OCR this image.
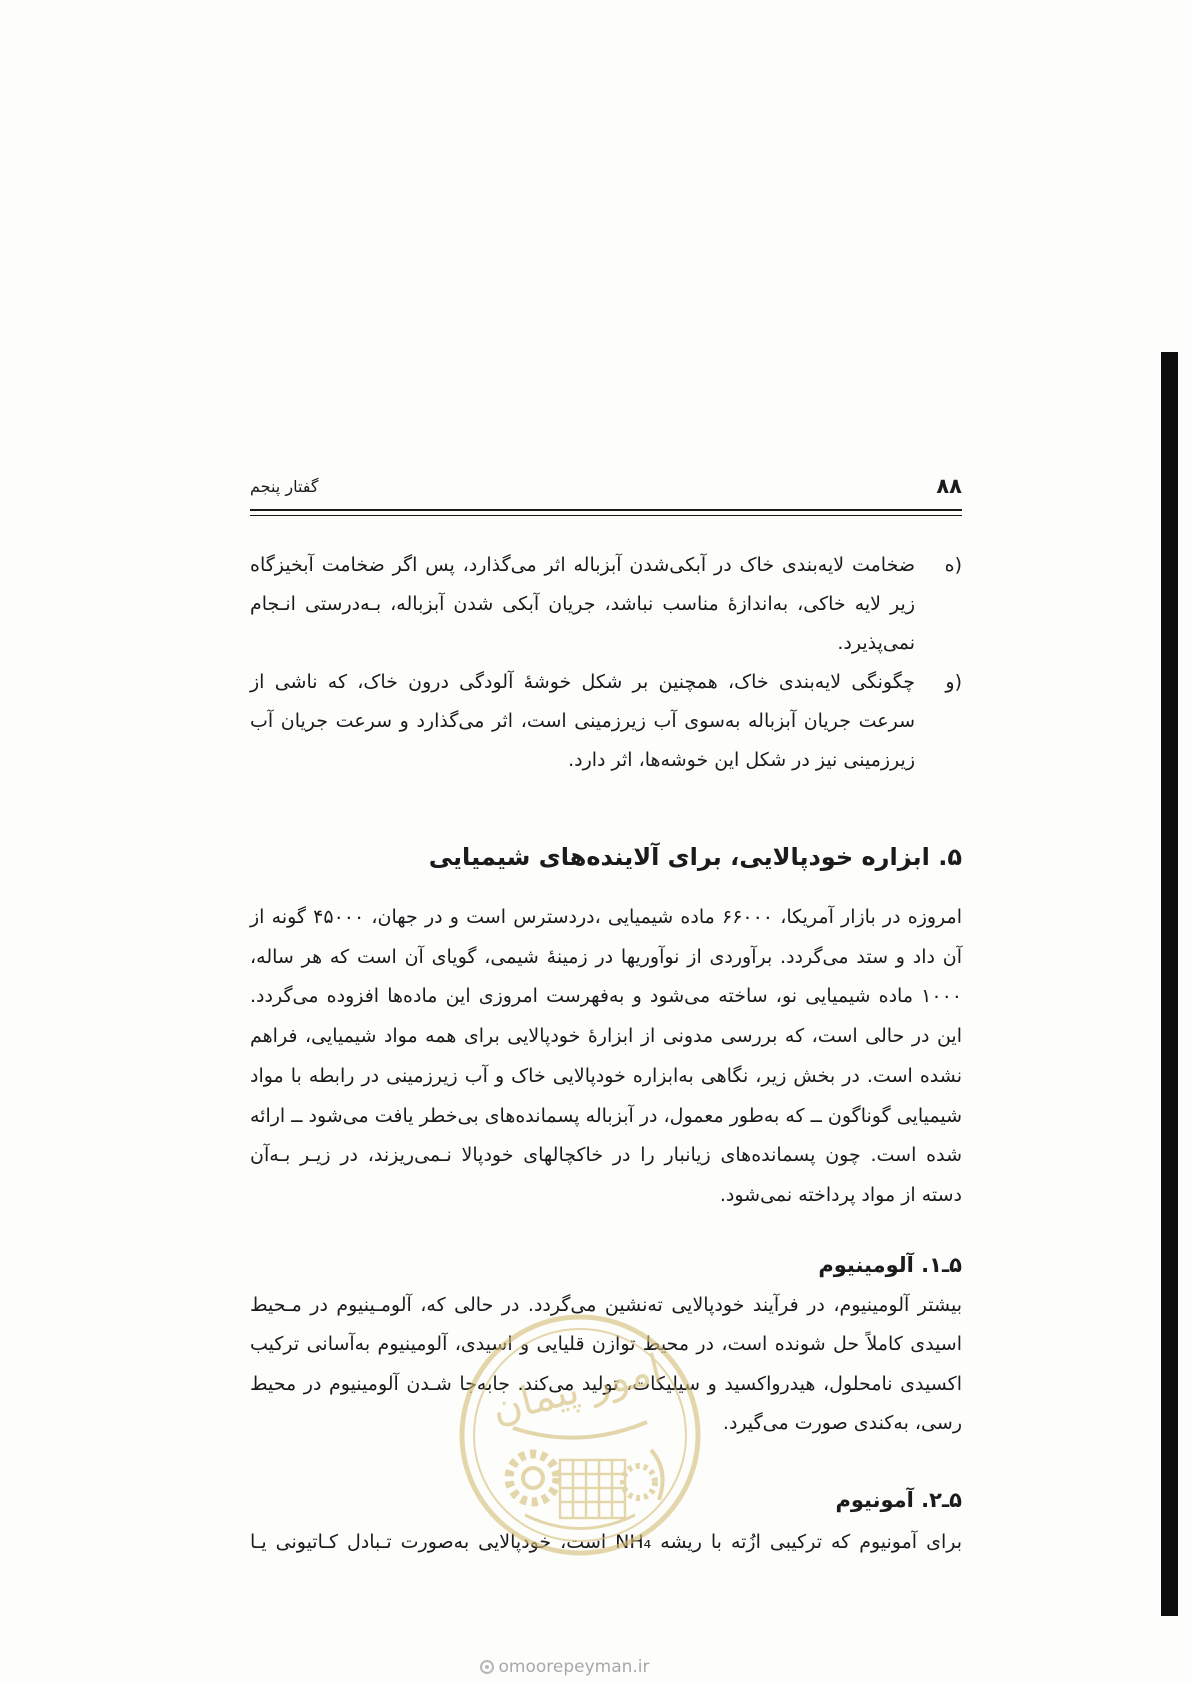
۸۸
گفتار پنجم
ه)
ضخامت لایه‌بندی خاک در آبکی‌شدن آبزباله اثر می‌گذارد، پس اگر ضخامت آبخیزگاه
زیر لایه خاکی، به‌اندازهٔ مناسب نباشد، جریان آبکی شدن آبزباله، بـه‌درستی انـجام
نمی‌پذیرد.
و)
چگونگی لایه‌بندی خاک، همچنین بر شکل خوشهٔ آلودگی درون خاک، که ناشی از
سرعت جریان آبزباله به‌سوی آب زیرزمینی است، اثر می‌گذارد و سرعت جریان آب
زیرزمینی نیز در شکل این خوشه‌ها، اثر دارد.
۵. ابزاره خودپالایی، برای آلاینده‌های شیمیایی
امروزه در بازار آمریکا، ۶۶۰۰۰ ماده شیمیایی ،دردسترس است و در جهان، ۴۵۰۰۰ گونه از
آن داد و ستد می‌گردد. برآوردی از نوآوریها در زمینهٔ شیمی، گویای آن است که هر ساله،
۱۰۰۰ ماده شیمیایی نو، ساخته می‌شود و به‌فهرست امروزی این ماده‌ها افزوده می‌گردد.
این در حالی است، که بررسی مدونی از ابزارهٔ خودپالایی برای همه مواد شیمیایی، فراهم
نشده است. در بخش زیر، نگاهی به‌ابزاره خودپالایی خاک و آب زیرزمینی در رابطه با مواد
شیمیایی گوناگون ــ که به‌طور معمول، در آبزباله پسمانده‌های بی‌خطر یافت می‌شود ــ ارائه
شده است. چون پسمانده‌های زیانبار را در خاکچالهای خودپالا نـمی‌ریزند، در زیـر بـه‌آن
دسته از مواد پرداخته نمی‌شود.
۵ـ۱. آلومینیوم
بیشتر آلومینیوم، در فرآیند خودپالایی ته‌نشین می‌گردد. در حالی که، آلومـینیوم در مـحیط
اسیدی کاملاً حل شونده است، در محیط توازن قلیایی و اسیدی، آلومینیوم به‌آسانی ترکیب
اکسیدی نامحلول، هیدرواکسید و سیلیکات، تولید می‌کند. جابه‌جا شـدن آلومینیوم در محیط
رسی، به‌کندی صورت می‌گیرد.
۵ـ۲. آمونیوم
برای آمونیوم که ترکیبی ازُته با ریشه NH₄ است، خودپالایی به‌صورت تـبادل کـاتیونی یـا
امور پیمان
omoorepeyman.ir
